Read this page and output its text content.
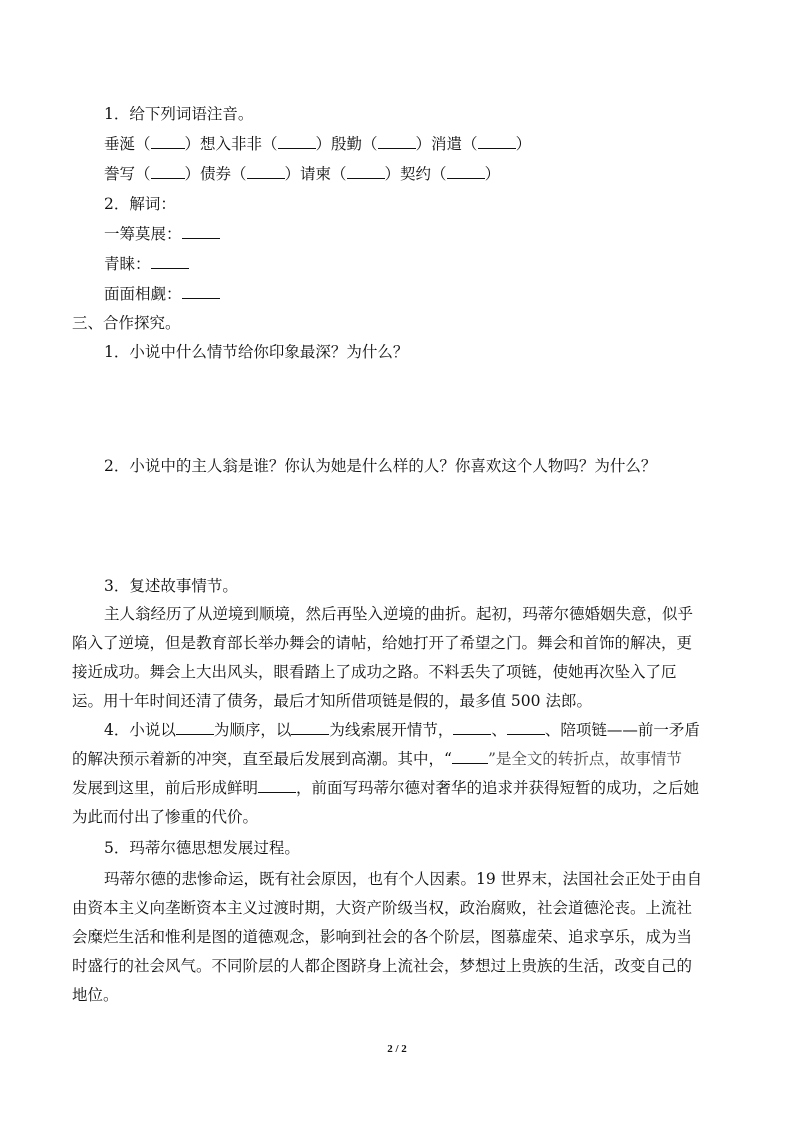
1．给下列词语注音。
垂涎（ ）想入非非（ ）殷勤（ ）消遣（ ）
誊写（ ）债券（ ）请柬（ ）契约（ ）
2．解词：
一筹莫展：
青睐：
面面相觑：
三、合作探究。
1．小说中什么情节给你印象最深？为什么？
2．小说中的主人翁是谁？你认为她是什么样的人？你喜欢这个人物吗？为什么？
3．复述故事情节。
主人翁经历了从逆境到顺境，然后再坠入逆境的曲折。起初，玛蒂尔德婚姻失意，似乎
陷入了逆境，但是教育部长举办舞会的请帖，给她打开了希望之门。舞会和首饰的解决，更
接近成功。舞会上大出风头，眼看踏上了成功之路。不料丢失了项链，使她再次坠入了厄
运。用十年时间还清了债务，最后才知所借项链是假的，最多值 500 法郎。
4．小说以 为顺序，以 为线索展开情节， 、 、陪项链——前一矛盾
的解决预示着新的冲突，直至最后发展到高潮。其中，“ ”是全文的转折点，故事情节
发展到这里，前后形成鲜明 ，前面写玛蒂尔德对奢华的追求并获得短暂的成功，之后她
为此而付出了惨重的代价。
5．玛蒂尔德思想发展过程。
玛蒂尔德的悲惨命运，既有社会原因，也有个人因素。19 世界末，法国社会正处于由自
由资本主义向垄断资本主义过渡时期，大资产阶级当权，政治腐败，社会道德沦丧。上流社
会糜烂生活和惟利是图的道德观念，影响到社会的各个阶层，图慕虚荣、追求享乐，成为当
时盛行的社会风气。不同阶层的人都企图跻身上流社会，梦想过上贵族的生活，改变自己的
地位。
2 / 2
